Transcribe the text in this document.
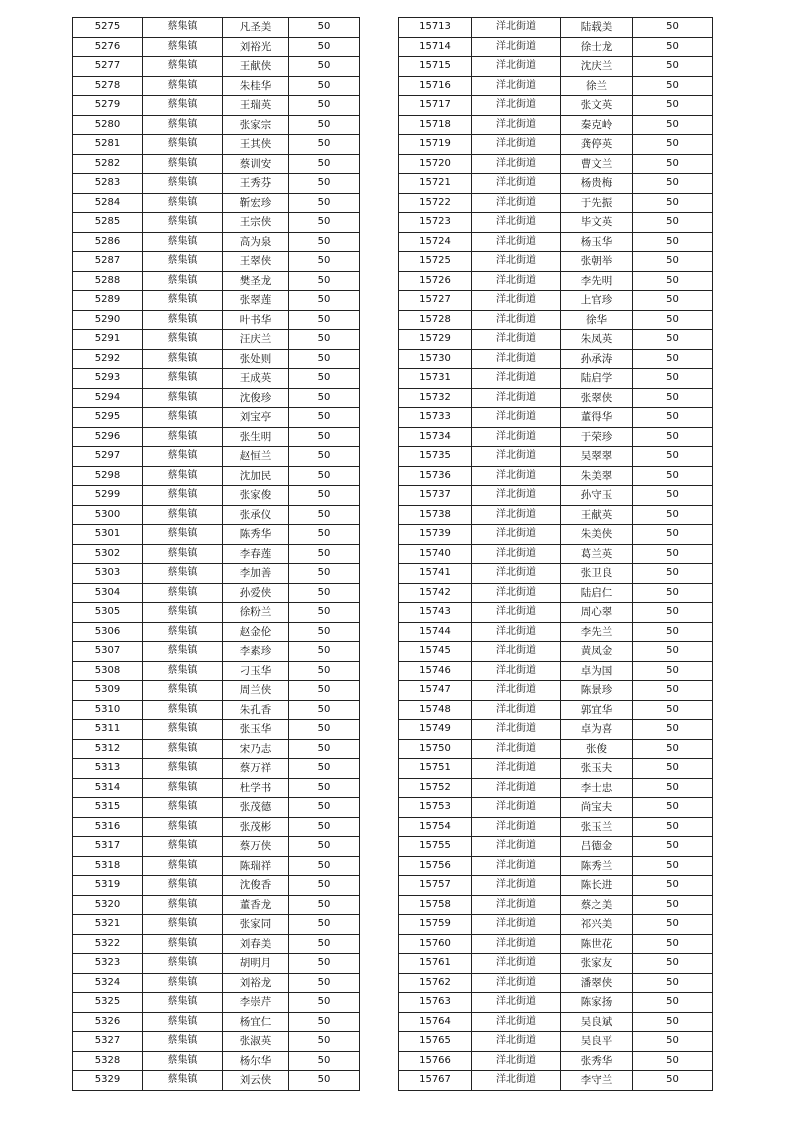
5275	蔡集镇	凡圣美	50
5276	蔡集镇	刘裕光	50
5277	蔡集镇	王献侠	50
5278	蔡集镇	朱桂华	50
5279	蔡集镇	王瑞英	50
5280	蔡集镇	张家宗	50
5281	蔡集镇	王其侠	50
5282	蔡集镇	蔡训安	50
5283	蔡集镇	王秀芬	50
5284	蔡集镇	靳宏珍	50
5285	蔡集镇	王宗侠	50
5286	蔡集镇	高为泉	50
5287	蔡集镇	王翠侠	50
5288	蔡集镇	樊圣龙	50
5289	蔡集镇	张翠莲	50
5290	蔡集镇	叶书华	50
5291	蔡集镇	汪庆兰	50
5292	蔡集镇	张处则	50
5293	蔡集镇	王成英	50
5294	蔡集镇	沈俊珍	50
5295	蔡集镇	刘宝亭	50
5296	蔡集镇	张生明	50
5297	蔡集镇	赵恒兰	50
5298	蔡集镇	沈加民	50
5299	蔡集镇	张家俊	50
5300	蔡集镇	张承仪	50
5301	蔡集镇	陈秀华	50
5302	蔡集镇	李春莲	50
5303	蔡集镇	李加善	50
5304	蔡集镇	孙爱侠	50
5305	蔡集镇	徐粉兰	50
5306	蔡集镇	赵金伦	50
5307	蔡集镇	李素珍	50
5308	蔡集镇	刁玉华	50
5309	蔡集镇	周兰侠	50
5310	蔡集镇	朱孔香	50
5311	蔡集镇	张玉华	50
5312	蔡集镇	宋乃志	50
5313	蔡集镇	蔡万祥	50
5314	蔡集镇	杜学书	50
5315	蔡集镇	张茂德	50
5316	蔡集镇	张茂彬	50
5317	蔡集镇	蔡万侠	50
5318	蔡集镇	陈瑞祥	50
5319	蔡集镇	沈俊香	50
5320	蔡集镇	董香龙	50
5321	蔡集镇	张家同	50
5322	蔡集镇	刘春美	50
5323	蔡集镇	胡明月	50
5324	蔡集镇	刘裕龙	50
5325	蔡集镇	李崇芹	50
5326	蔡集镇	杨宜仁	50
5327	蔡集镇	张淑英	50
5328	蔡集镇	杨尔华	50
5329	蔡集镇	刘云侠	50
15713	洋北街道	陆载美	50
15714	洋北街道	徐士龙	50
15715	洋北街道	沈庆兰	50
15716	洋北街道	徐兰	50
15717	洋北街道	张文英	50
15718	洋北街道	秦克岭	50
15719	洋北街道	龚停英	50
15720	洋北街道	曹文兰	50
15721	洋北街道	杨贵梅	50
15722	洋北街道	于先振	50
15723	洋北街道	毕文英	50
15724	洋北街道	杨玉华	50
15725	洋北街道	张朝举	50
15726	洋北街道	李先明	50
15727	洋北街道	上官珍	50
15728	洋北街道	徐华	50
15729	洋北街道	朱凤英	50
15730	洋北街道	孙承涛	50
15731	洋北街道	陆启学	50
15732	洋北街道	张翠侠	50
15733	洋北街道	董得华	50
15734	洋北街道	于荣珍	50
15735	洋北街道	吴翠翠	50
15736	洋北街道	朱美翠	50
15737	洋北街道	孙守玉	50
15738	洋北街道	王献英	50
15739	洋北街道	朱美侠	50
15740	洋北街道	葛兰英	50
15741	洋北街道	张卫良	50
15742	洋北街道	陆启仁	50
15743	洋北街道	周心翠	50
15744	洋北街道	李先兰	50
15745	洋北街道	黄凤金	50
15746	洋北街道	卓为国	50
15747	洋北街道	陈景珍	50
15748	洋北街道	郭宜华	50
15749	洋北街道	卓为喜	50
15750	洋北街道	张俊	50
15751	洋北街道	张玉夫	50
15752	洋北街道	李士忠	50
15753	洋北街道	尚宝夫	50
15754	洋北街道	张玉兰	50
15755	洋北街道	吕德金	50
15756	洋北街道	陈秀兰	50
15757	洋北街道	陈长进	50
15758	洋北街道	蔡之美	50
15759	洋北街道	祁兴美	50
15760	洋北街道	陈世花	50
15761	洋北街道	张家友	50
15762	洋北街道	潘翠侠	50
15763	洋北街道	陈家扬	50
15764	洋北街道	吴良斌	50
15765	洋北街道	吴良平	50
15766	洋北街道	张秀华	50
15767	洋北街道	李守兰	50
